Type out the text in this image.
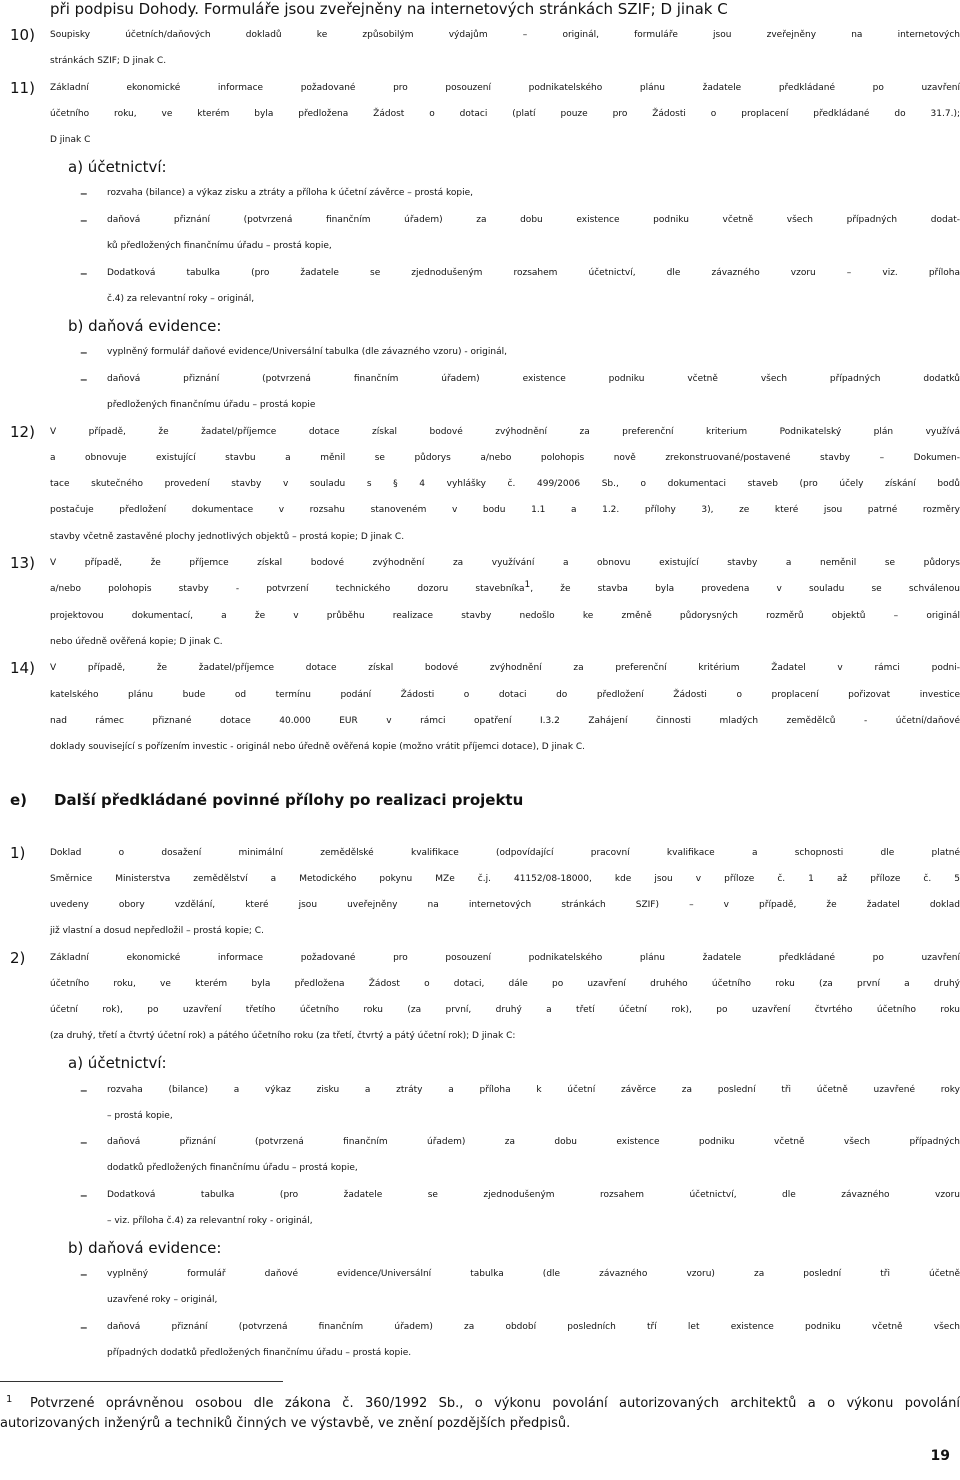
při podpisu Dohody. Formuláře jsou zveřejněny na internetových stránkách SZIF; D jinak C
10) Soupisky účetních/daňových dokladů ke způsobilým výdajům – originál, formuláře jsou zveřejněny na internetových
stránkách SZIF; D jinak C.
11) Základní ekonomické informace požadované pro posouzení podnikatelského plánu žadatele předkládané po uzavření
účetního roku, ve kterém byla předložena Žádost o dotaci (platí pouze pro Žádosti o proplacení předkládané do 31.7.);
D jinak C
a) účetnictví:
– rozvaha (bilance) a výkaz zisku a ztráty a příloha k účetní závěrce – prostá kopie,
– daňová přiznání (potvrzená finančním úřadem) za dobu existence podniku včetně všech případných dodat-
ků předložených finančnímu úřadu – prostá kopie,
– Dodatková tabulka (pro žadatele se zjednodušeným rozsahem účetnictví, dle závazného vzoru – viz. příloha
č.4) za relevantní roky – originál,
b) daňová evidence:
– vyplněný formulář daňové evidence/Universální tabulka (dle závazného vzoru) - originál,
– daňová přiznání (potvrzená finančním úřadem) existence podniku včetně všech případných dodatků
předložených finančnímu úřadu – prostá kopie
12) V případě, že žadatel/příjemce dotace získal bodové zvýhodnění za preferenční kriterium Podnikatelský plán využívá
a obnovuje existující stavbu a měnil se půdorys a/nebo polohopis nově zrekonstruované/postavené stavby – Dokumen-
tace skutečného provedení stavby v souladu s § 4 vyhlášky č. 499/2006 Sb., o dokumentaci staveb (pro účely získání bodů
postačuje předložení dokumentace v rozsahu stanoveném v bodu 1.1 a 1.2. přílohy 3), ze které jsou patrné rozměry
stavby včetně zastavěné plochy jednotlivých objektů – prostá kopie; D jinak C.
13) V případě, že příjemce získal bodové zvýhodnění za využívání a obnovu existující stavby a neměnil se půdorys
a/nebo polohopis stavby - potvrzení technického dozoru stavebníka$^1$, že stavba byla provedena v souladu se schválenou
projektovou dokumentací, a že v průběhu realizace stavby nedošlo ke změně půdorysných rozměrů objektů – originál
nebo úředně ověřená kopie; D jinak C.
14) V případě, že žadatel/příjemce dotace získal bodové zvýhodnění za preferenční kritérium Žadatel v rámci podni-
katelského plánu bude od termínu podání Žádosti o dotaci do předložení Žádosti o proplacení pořizovat investice
nad rámec přiznané dotace 40.000 EUR v rámci opatření I.3.2 Zahájení činnosti mladých zemědělců - účetní/daňové
doklady související s pořízením investic - originál nebo úředně ověřená kopie (možno vrátit příjemci dotace), D jinak C.
e) Další předkládané povinné přílohy po realizaci projektu
1)	Doklad o dosažení minimální zemědělské kvalifikace (odpovídající pracovní kvalifikace a schopnosti dle platné
Směrnice Ministerstva zemědělství a Metodického pokynu MZe č.j. 41152/08-18000, kde jsou v příloze č. 1 až příloze č. 5
uvedeny obory vzdělání, které jsou uveřejněny na internetových stránkách SZIF) – v případě, že žadatel doklad
již vlastní a dosud nepředložil – prostá kopie; C.
2)	Základní ekonomické informace požadované pro posouzení podnikatelského plánu žadatele předkládané po uzavření
účetního roku, ve kterém byla předložena Žádost o dotaci, dále po uzavření druhého účetního roku (za první a druhý
účetní rok), po uzavření třetího účetního roku (za první, druhý a třetí účetní rok), po uzavření čtvrtého účetního roku
(za druhý, třetí a čtvrtý účetní rok) a pátého účetního roku (za třetí, čtvrtý a pátý účetní rok); D jinak C:
a) účetnictví:
– rozvaha (bilance) a výkaz zisku a ztráty a příloha k účetní závěrce za poslední tři účetně uzavřené roky
– prostá kopie,
– daňová přiznání (potvrzená finančním úřadem) za dobu existence podniku včetně všech případných
dodatků předložených finančnímu úřadu – prostá kopie,
– Dodatková tabulka (pro žadatele se zjednodušeným rozsahem účetnictví, dle závazného vzoru
– viz. příloha č.4) za relevantní roky - originál,
b) daňová evidence:
– vyplněný formulář daňové evidence/Universální tabulka (dle závazného vzoru) za poslední tři účetně
uzavřené roky – originál,
– daňová přiznání (potvrzená finančním úřadem) za období posledních tří let existence podniku včetně všech
případných dodatků předložených finančnímu úřadu – prostá kopie.
1 Potvrzené oprávněnou osobou dle zákona č. 360/1992 Sb., o výkonu povolání autorizovaných architektů a o výkonu povolání
autorizovaných inženýrů a techniků činných ve výstavbě, ve znění pozdějších předpisů.
19
